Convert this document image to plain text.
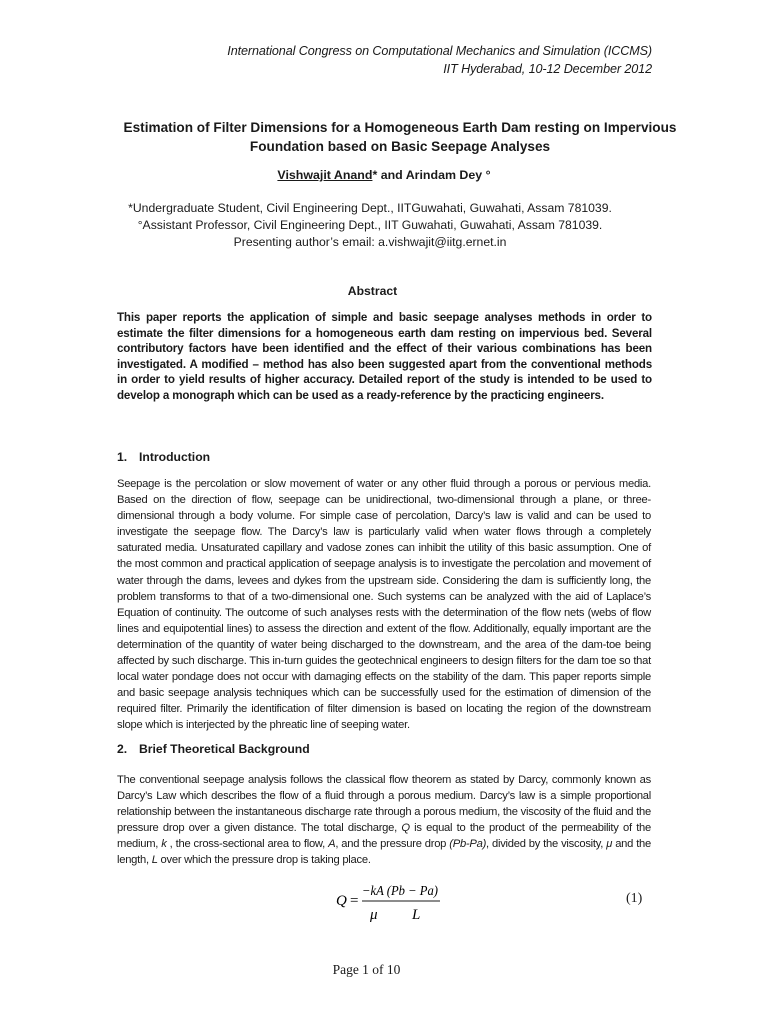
International Congress on Computational Mechanics and Simulation (ICCMS)
IIT Hyderabad, 10-12 December 2012
Estimation of Filter Dimensions for a Homogeneous Earth Dam resting on Impervious
Foundation based on Basic Seepage Analyses
Vishwajit Anand* and Arindam Dey °
*Undergraduate Student, Civil Engineering Dept., IITGuwahati, Guwahati, Assam 781039.
°Assistant Professor, Civil Engineering Dept., IIT Guwahati, Guwahati, Assam 781039.
Presenting author’s email: a.vishwajit@iitg.ernet.in
Abstract
This paper reports the application of simple and basic seepage analyses methods in order to estimate the filter dimensions for a homogeneous earth dam resting on impervious bed. Several contributory factors have been identified and the effect of their various combinations has been investigated. A modified – method has also been suggested apart from the conventional methods in order to yield results of higher accuracy. Detailed report of the study is intended to be used to develop a monograph which can be used as a ready-reference by the practicing engineers.
1. Introduction
Seepage is the percolation or slow movement of water or any other fluid through a porous or pervious media. Based on the direction of flow, seepage can be unidirectional, two-dimensional through a plane, or three-dimensional through a body volume. For simple case of percolation, Darcy’s law is valid and can be used to investigate the seepage flow. The Darcy’s law is particularly valid when water flows through a completely saturated media. Unsaturated capillary and vadose zones can inhibit the utility of this basic assumption. One of the most common and practical application of seepage analysis is to investigate the percolation and movement of water through the dams, levees and dykes from the upstream side. Considering the dam is sufficiently long, the problem transforms to that of a two-dimensional one. Such systems can be analyzed with the aid of Laplace’s Equation of continuity. The outcome of such analyses rests with the determination of the flow nets (webs of flow lines and equipotential lines) to assess the direction and extent of the flow. Additionally, equally important are the determination of the quantity of water being discharged to the downstream, and the area of the dam-toe being affected by such discharge. This in-turn guides the geotechnical engineers to design filters for the dam toe so that local water pondage does not occur with damaging effects on the stability of the dam. This paper reports simple and basic seepage analysis techniques which can be successfully used for the estimation of dimension of the required filter. Primarily the identification of filter dimension is based on locating the region of the downstream slope which is interjected by the phreatic line of seeping water.
2. Brief Theoretical Background
The conventional seepage analysis follows the classical flow theorem as stated by Darcy, commonly known as Darcy’s Law which describes the flow of a fluid through a porous medium. Darcy’s law is a simple proportional relationship between the instantaneous discharge rate through a porous medium, the viscosity of the fluid and the pressure drop over a given distance. The total discharge, Q is equal to the product of the permeability of the medium, k , the cross-sectional area to flow, A, and the pressure drop (Pb-Pa), divided by the viscosity, μ and the length, L over which the pressure drop is taking place.
Q =
−kA (Pb − Pa)
μ L
(1)
Page 1 of 10
